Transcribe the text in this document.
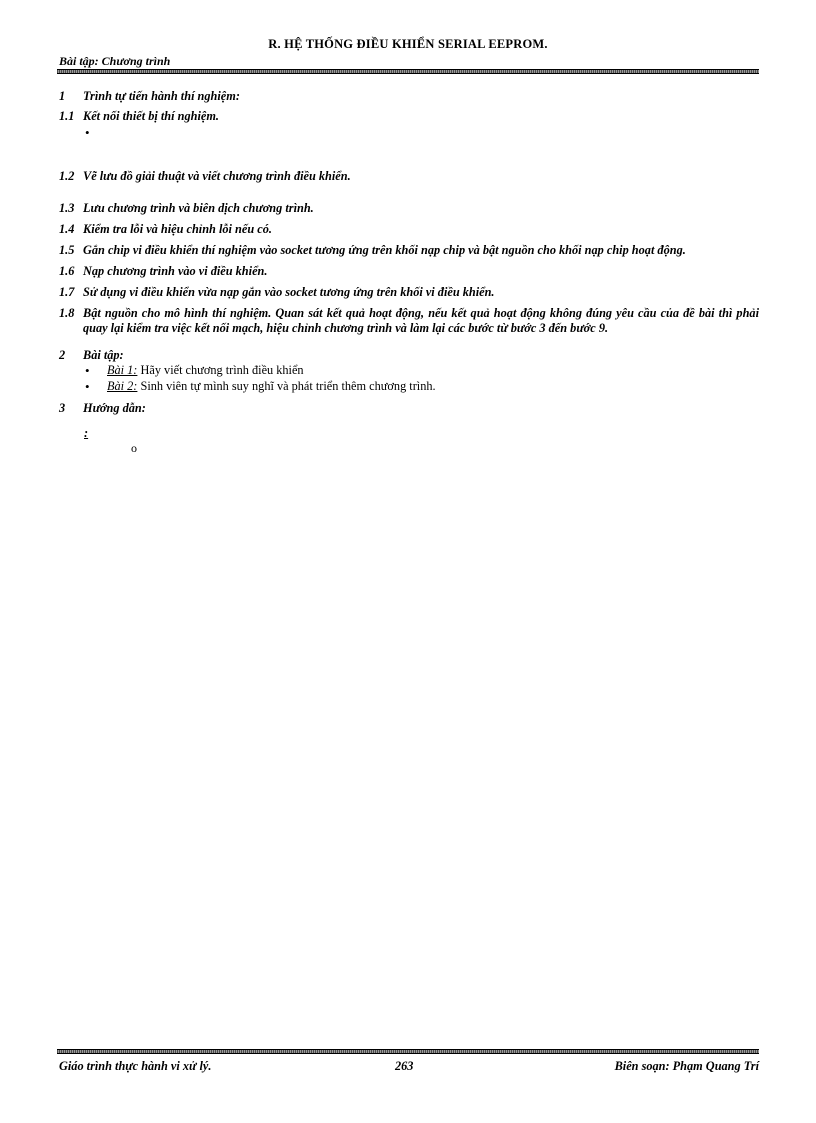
R. HỆ THỐNG ĐIỀU KHIỂN SERIAL EEPROM.
Bài tập: Chương trình
1 Trình tự tiến hành thí nghiệm:
1.1 Kết nối thiết bị thí nghiệm.
•
1.2 Vẽ lưu đồ giải thuật và viết chương trình điều khiển.
1.3 Lưu chương trình và biên dịch chương trình.
1.4 Kiểm tra lỗi và hiệu chỉnh lỗi nếu có.
1.5 Gắn chip vi điều khiển thí nghiệm vào socket tương ứng trên khối nạp chip và bật nguồn cho khối nạp chip hoạt động.
1.6 Nạp chương trình vào vi điều khiển.
1.7 Sử dụng vi điều khiển vừa nạp gắn vào socket tương ứng trên khối vi điều khiển.
1.8 Bật nguồn cho mô hình thí nghiệm. Quan sát kết quả hoạt động, nếu kết quả hoạt động không đúng yêu cầu của đề bài thì phải quay lại kiểm tra việc kết nối mạch, hiệu chỉnh chương trình và làm lại các bước từ bước 3 đến bước 9.
2 Bài tập:
• Bài 1: Hãy viết chương trình điều khiển
• Bài 2: Sinh viên tự mình suy nghĩ và phát triển thêm chương trình.
3 Hướng dẫn:
:
o
Giáo trình thực hành vi xử lý.	263	Biên soạn: Phạm Quang Trí
